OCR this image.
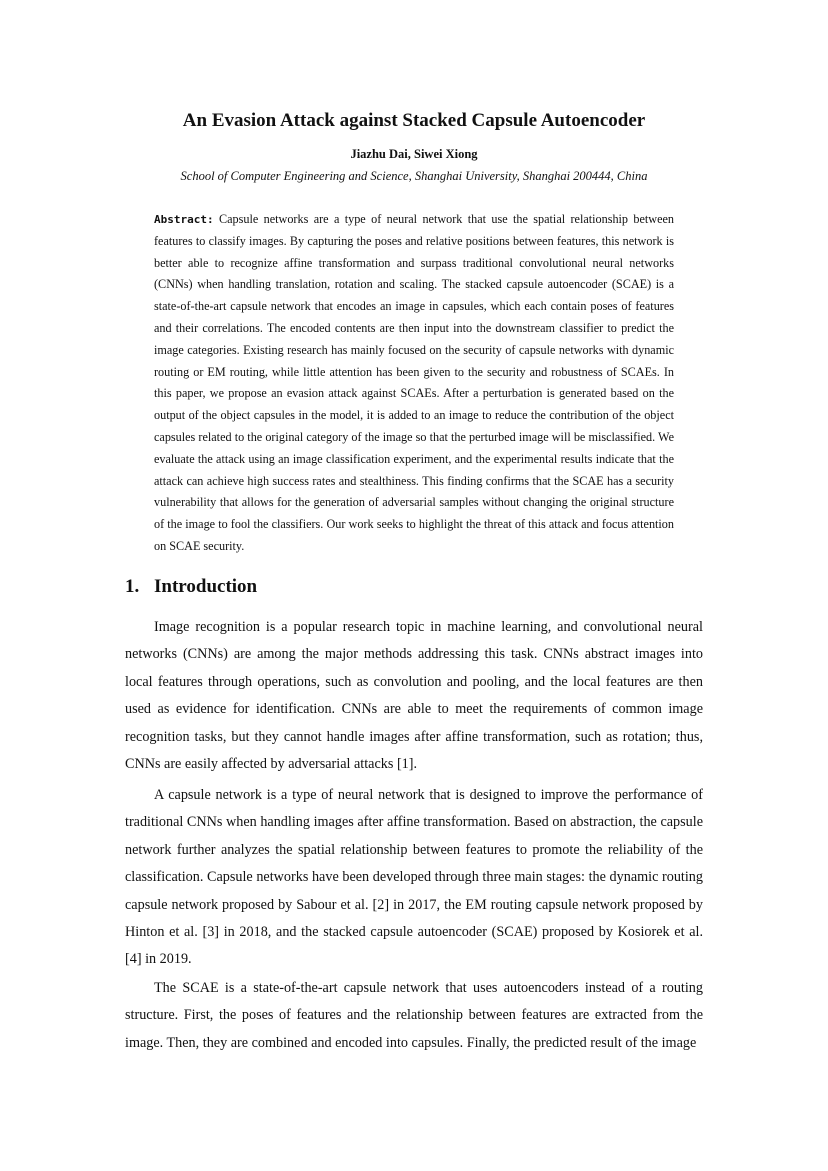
An Evasion Attack against Stacked Capsule Autoencoder
Jiazhu Dai, Siwei Xiong
School of Computer Engineering and Science, Shanghai University, Shanghai 200444, China

Abstract: Capsule networks are a type of neural network that use the spatial relationship between features to classify images. By capturing the poses and relative positions between features, this network is better able to recognize affine transformation and surpass traditional convolutional neural networks (CNNs) when handling translation, rotation and scaling. The stacked capsule autoencoder (SCAE) is a state-of-the-art capsule network that encodes an image in capsules, which each contain poses of features and their correlations. The encoded contents are then input into the downstream classifier to predict the image categories. Existing research has mainly focused on the security of capsule networks with dynamic routing or EM routing, while little attention has been given to the security and robustness of SCAEs. In this paper, we propose an evasion attack against SCAEs. After a perturbation is generated based on the output of the object capsules in the model, it is added to an image to reduce the contribution of the object capsules related to the original category of the image so that the perturbed image will be misclassified. We evaluate the attack using an image classification experiment, and the experimental results indicate that the attack can achieve high success rates and stealthiness. This finding confirms that the SCAE has a security vulnerability that allows for the generation of adversarial samples without changing the original structure of the image to fool the classifiers. Our work seeks to highlight the threat of this attack and focus attention on SCAE security.

1. Introduction

Image recognition is a popular research topic in machine learning, and convolutional neural networks (CNNs) are among the major methods addressing this task. CNNs abstract images into local features through operations, such as convolution and pooling, and the local features are then used as evidence for identification. CNNs are able to meet the requirements of common image recognition tasks, but they cannot handle images after affine transformation, such as rotation; thus, CNNs are easily affected by adversarial attacks [1].

A capsule network is a type of neural network that is designed to improve the performance of traditional CNNs when handling images after affine transformation. Based on abstraction, the capsule network further analyzes the spatial relationship between features to promote the reliability of the classification. Capsule networks have been developed through three main stages: the dynamic routing capsule network proposed by Sabour et al. [2] in 2017, the EM routing capsule network proposed by Hinton et al. [3] in 2018, and the stacked capsule autoencoder (SCAE) proposed by Kosiorek et al. [4] in 2019.

The SCAE is a state-of-the-art capsule network that uses autoencoders instead of a routing structure. First, the poses of features and the relationship between features are extracted from the image. Then, they are combined and encoded into capsules. Finally, the predicted result of the image
